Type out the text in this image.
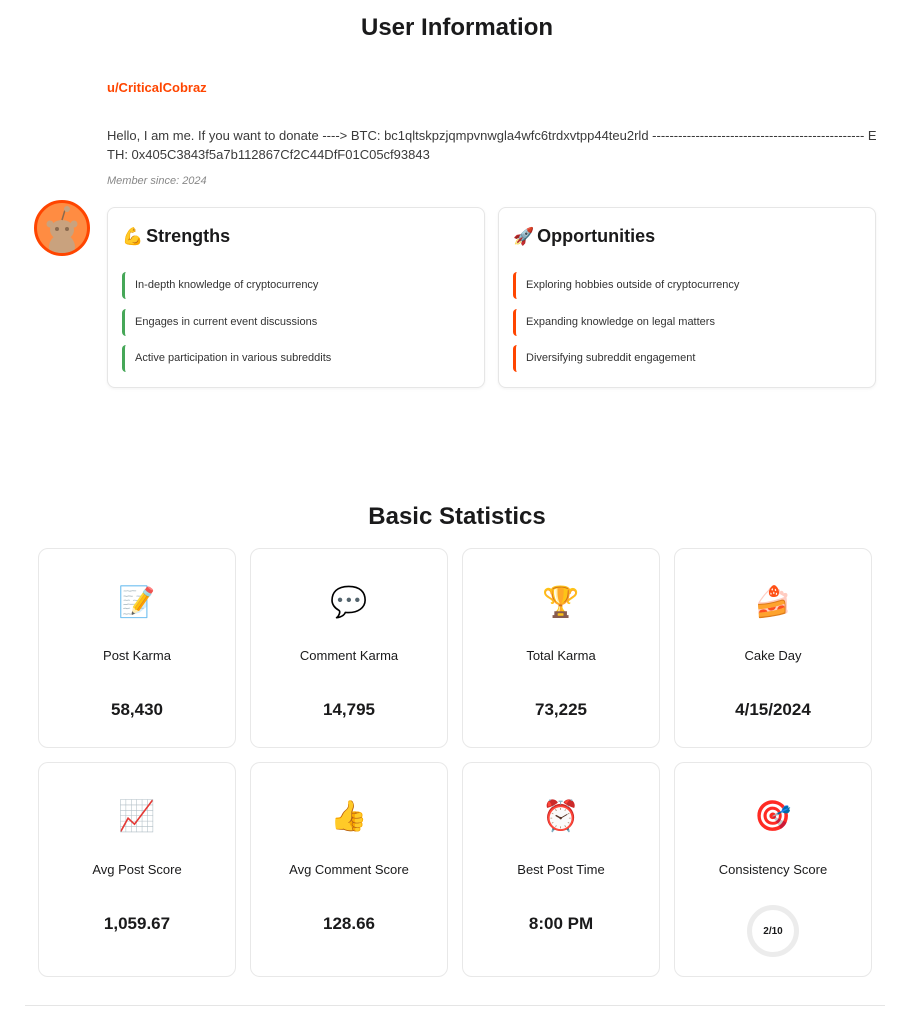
User Information
u/CriticalCobraz
Hello, I am me. If you want to donate ----> BTC: bc1qltskpzjqmpvnwgla4wfc6trdxvtpp44teu2rld ------------------------------------------------- ETH: 0x405C3843f5a7b112867Cf2C44DfF01C05cf93843
Member since: 2024
💪 Strengths
In-depth knowledge of cryptocurrency
Engages in current event discussions
Active participation in various subreddits
🚀 Opportunities
Exploring hobbies outside of cryptocurrency
Expanding knowledge on legal matters
Diversifying subreddit engagement
Basic Statistics
📝
Post Karma
58,430
💬
Comment Karma
14,795
🏆
Total Karma
73,225
🍰
Cake Day
4/15/2024
📈
Avg Post Score
1,059.67
👍
Avg Comment Score
128.66
⏰
Best Post Time
8:00 PM
🎯
Consistency Score
2/10
